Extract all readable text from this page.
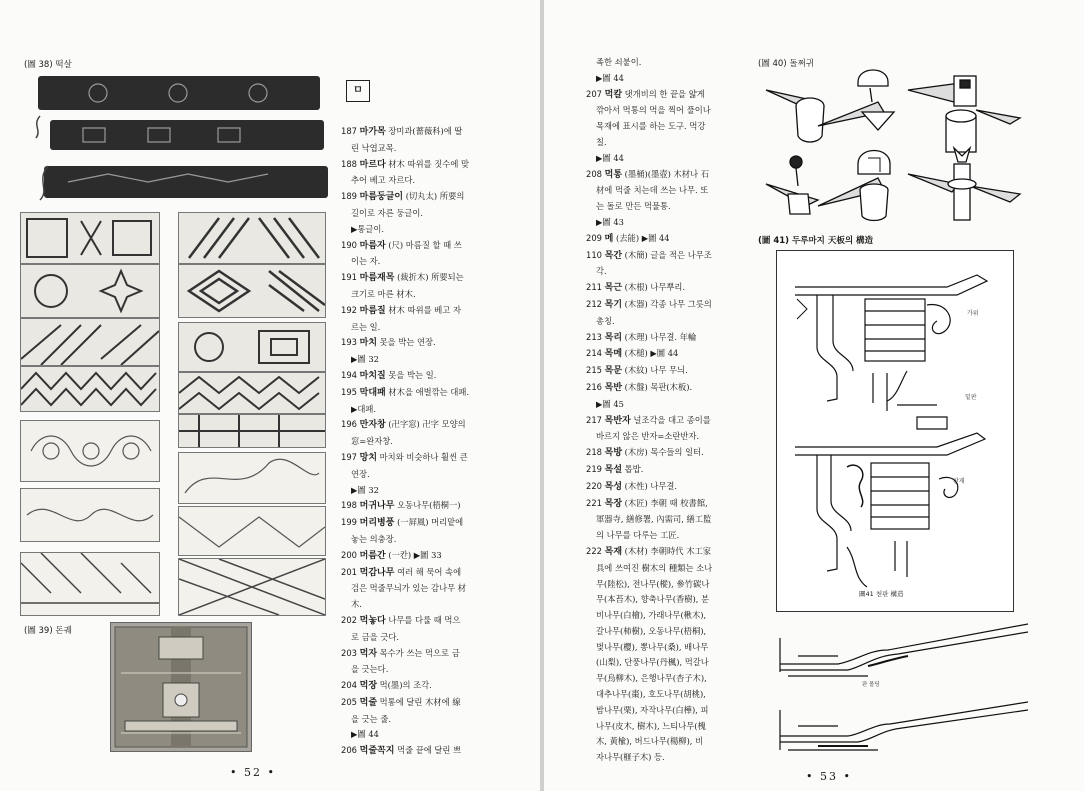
(圖 38) 떡살
(圖 39) 돈궤
ㅁ
187 마가목 장미과(薔薇科)에 딸
린 낙엽교목.
188 마르다 材木 따위를 짓수에 맞
추어 베고 자르다.
189 마름둥글이 (切丸太) 所要의
길이로 자른 둥글이.
▶통글이.
190 마름자 (尺) 마름질 할 때 쓰
이는 자.
191 마름재목 (裁折木) 所要되는
크기로 마른 材木.
192 마름질 材木 따위를 베고 자
르는 일.
193 마치 못을 박는 연장.
▶圖 32
194 마치질 못을 박는 일.
195 막대패 材木을 애벌깎는 대패.
▶대패.
196 만자창 (卍字窓) 卍字 모양의
窓=완자창.
197 망치 마치와 비슷하나 훨씬 큰
연장.
▶圖 32
198 머귀나무 오동나무(梧桐一)
199 머리병풍 (一屛風) 머리맡에
놓는 의충장.
200 머름간 (一칸) ▶圖 33
201 먹감나무 여러 해 묵어 속에
검은 먹줄무늬가 있는 감나무 材
木.
202 먹놓다 나무를 다룰 때 먹으
로 금을 긋다.
203 먹자 목수가 쓰는 먹으로 금
을 긋는다.
204 먹장 먹(墨)의 조각.
205 먹줄 먹통에 달린 木材에 線
을 긋는 줄.
▶圖 44
206 먹줄꼭지 먹줄 끝에 달린 쁘
• 52 •
족한 쇠붙이.
▶圖 44
207 먹칼 댓개비의 한 끝을 얇게
깎아서 먹통의 먹을 찍어 풀이나
목재에 표시를 하는 도구. 먹강
칠.
▶圖 44
208 먹통 (墨桶)(墨壺) 木材나 石
材에 먹줄 치는데 쓰는 나무. 또
는 돌로 만든 먹물통.
▶圖 43
209 메 (去能) ▶圖 44
110 목간 (木簡) 글을 적은 나무조
각.
211 목근 (木根) 나무뿌리.
212 목기 (木器) 각종 나무 그릇의
총칭.
213 목리 (木理) 나무결. 年輪
214 목메 (木槌) ▶圖 44
215 목문 (木紋) 나무 무늬.
216 목반 (木盤) 목판(木板).
▶圖 45
217 목반자 널조각을 대고 종이를
바르지 않은 반자=소란반자.
218 목방 (木房) 목수들의 일터.
219 목설 톱밥.
220 목성 (木性) 나무결.
221 목장 (木匠) 李朝 때 校書館,
軍器寺, 繕修署, 內需司, 繕工監
의 나무를 다루는 工匠.
222 목재 (木材) 李朝時代 木工家
具에 쓰여진 樹木의 種類는 소나
무(陸松), 전나무(樅), 參竹碳나
무(本苔木), 향축나무(香樹), 분
비나무(白檜), 가래나무(楸木),
갈나무(柿樹), 오동나무(梧桐),
벚나무(櫻), 뽕나무(桑), 배나무
(山梨), 단풍나무(丹楓), 먹갈나
무(烏柳木), 은행나무(杏子木),
대추나무(棗), 호도나무(胡桃),
밤나무(栗), 자작나무(白樺), 피
나무(皮木, 樹木), 느티나무(槐
木, 黃楡), 버드나무(楊柳), 비
자나무(榧子木) 등.
(圖 40) 돌쩌귀
(圖 41) 두루마지 天板의 構造
가위
밑판
판재
圖41 천판 構造
판 몰딩
• 53 •
